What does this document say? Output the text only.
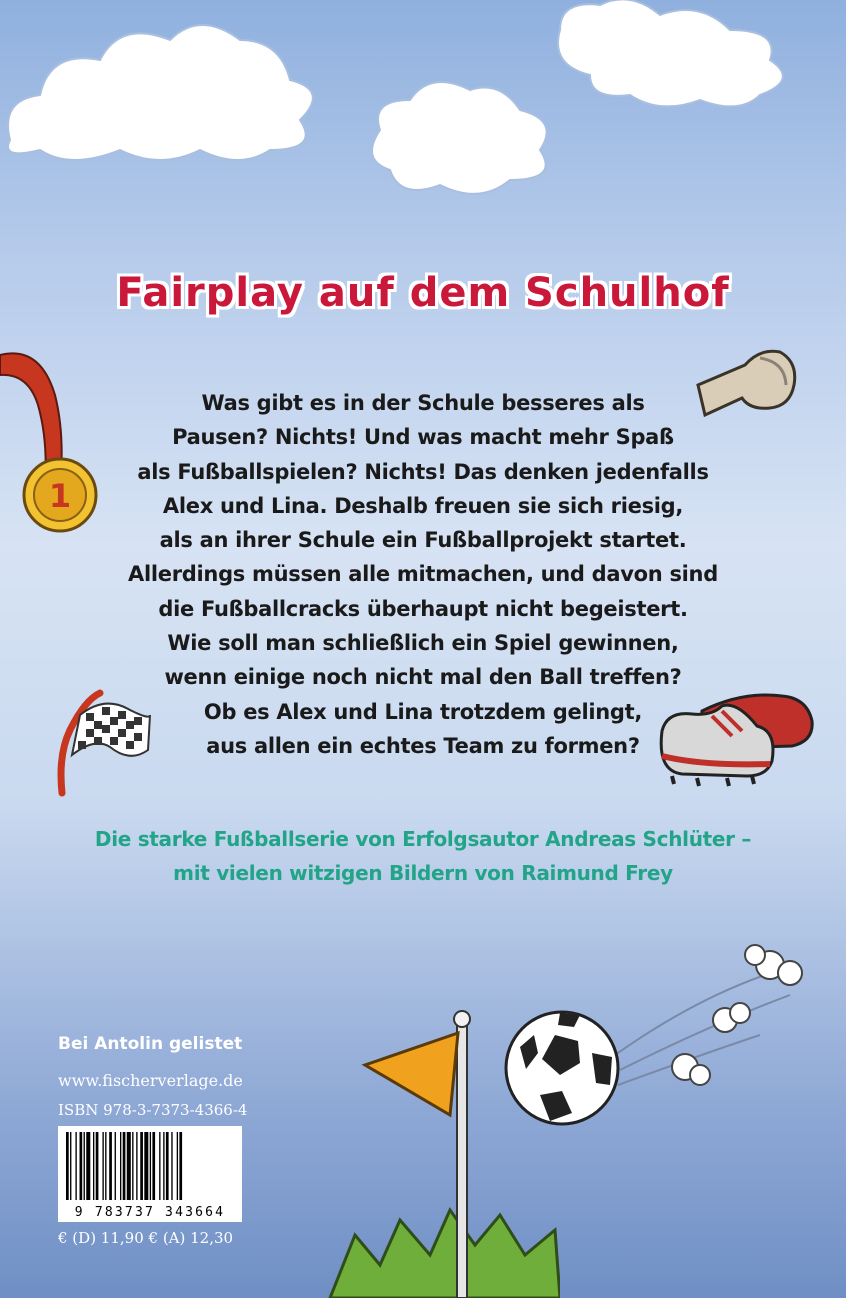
Fairplay auf dem Schulhof
1
Was gibt es in der Schule besseres als
Pausen? Nichts! Und was macht mehr Spaß
als Fußballspielen? Nichts! Das denken jedenfalls
Alex und Lina. Deshalb freuen sie sich riesig,
als an ihrer Schule ein Fußballprojekt startet.
Allerdings müssen alle mitmachen, und davon sind
die Fußballcracks überhaupt nicht begeistert.
Wie soll man schließlich ein Spiel gewinnen,
wenn einige noch nicht mal den Ball treffen?
Ob es Alex und Lina trotzdem gelingt,
aus allen ein echtes Team zu formen?
Die starke Fußballserie von Erfolgsautor Andreas Schlüter –
mit vielen witzigen Bildern von Raimund Frey
Bei Antolin gelistet
www.fischerverlage.de
ISBN 978-3-7373-4366-4
9 783737 343664
€ (D) 11,90 € (A) 12,30
